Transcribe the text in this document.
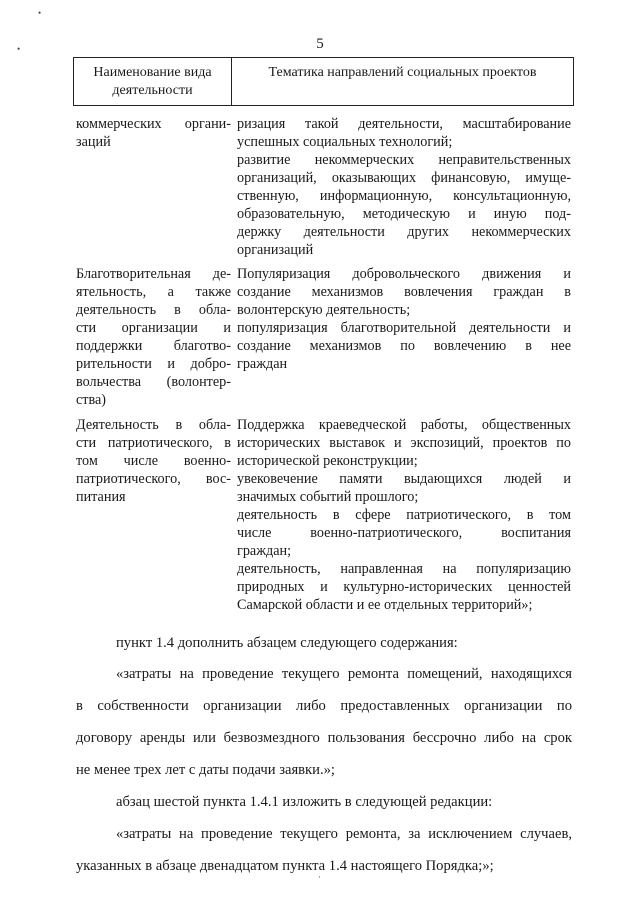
•
•	5
Наименование вида
деятельности
Тематика направлений социальных проектов
коммерческих органи-
заций
ризация такой деятельности, масштабирование
успешных социальных технологий;
развитие некоммерческих неправительственных
организаций, оказывающих финансовую, имуще-
ственную, информационную, консультационную,
образовательную, методическую и иную под-
держку деятельности других некоммерческих
организаций
Благотворительная де-
ятельность, а также
деятельность в обла-
сти организации и
поддержки благотво-
рительности и добро-
вольчества (волонтер-
ства)
Популяризация добровольческого движения и
создание механизмов вовлечения граждан в
волонтерскую деятельность;
популяризация благотворительной деятельности и
создание механизмов по вовлечению в нее
граждан
Деятельность в обла-
сти патриотического, в
том числе военно-
патриотического, вос-
питания
Поддержка краеведческой работы, общественных
исторических выставок и экспозиций, проектов по
исторической реконструкции;
увековечение памяти выдающихся людей и
значимых событий прошлого;
деятельность в сфере патриотического, в том
числе военно-патриотического, воспитания
граждан;
деятельность, направленная на популяризацию
природных и культурно-исторических ценностей
Самарской области и ее отдельных территорий»;
пункт 1.4 дополнить абзацем следующего содержания:
«затраты на проведение текущего ремонта помещений, находящихся
в собственности организации либо предоставленных организации по
договору аренды или безвозмездного пользования бессрочно либо на срок
не менее трех лет с даты подачи заявки.»;
абзац шестой пункта 1.4.1 изложить в следующей редакции:
«затраты на проведение текущего ремонта, за исключением случаев,
указанных в абзаце двенадцатом пункта 1.4 настоящего Порядка;»;
·
